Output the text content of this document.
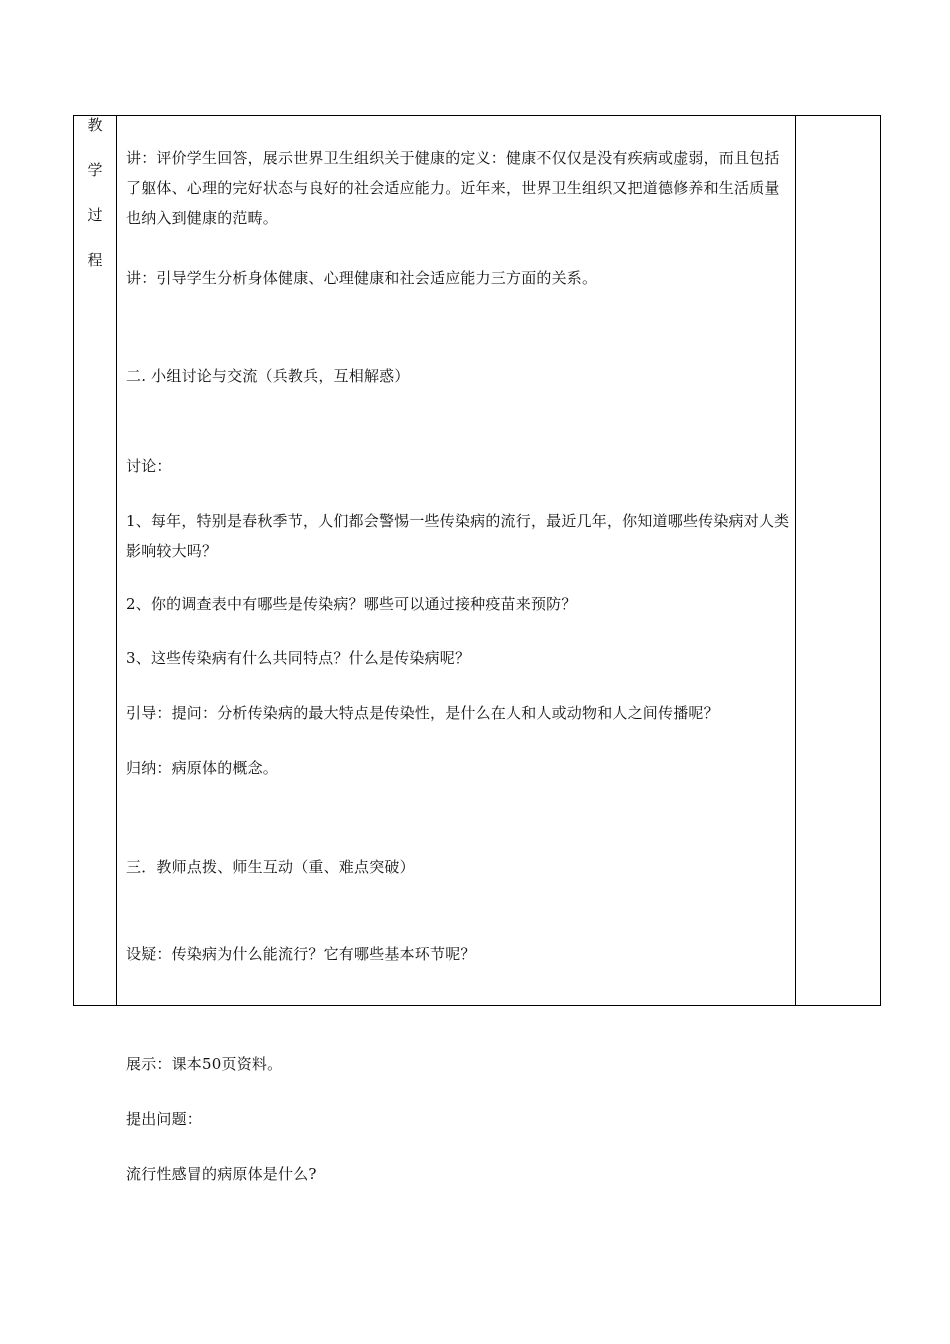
教
学
过
程
讲：评价学生回答，展示世界卫生组织关于健康的定义：健康不仅仅是没有疾病或虚弱，而且包括了躯体、心理的完好状态与良好的社会适应能力。近年来，世界卫生组织又把道德修养和生活质量也纳入到健康的范畴。
讲：引导学生分析身体健康、心理健康和社会适应能力三方面的关系。
二. 小组讨论与交流（兵教兵，互相解惑）
讨论：
1、每年，特别是春秋季节，人们都会警惕一些传染病的流行，最近几年，你知道哪些传染病对人类影响较大吗？
2、你的调查表中有哪些是传染病？哪些可以通过接种疫苗来预防？
3、这些传染病有什么共同特点？什么是传染病呢？
引导：提问：分析传染病的最大特点是传染性，是什么在人和人或动物和人之间传播呢？
归纳：病原体的概念。
三．教师点拨、师生互动（重、难点突破）
设疑：传染病为什么能流行？它有哪些基本环节呢？
展示：课本50页资料。
提出问题：
流行性感冒的病原体是什么?
